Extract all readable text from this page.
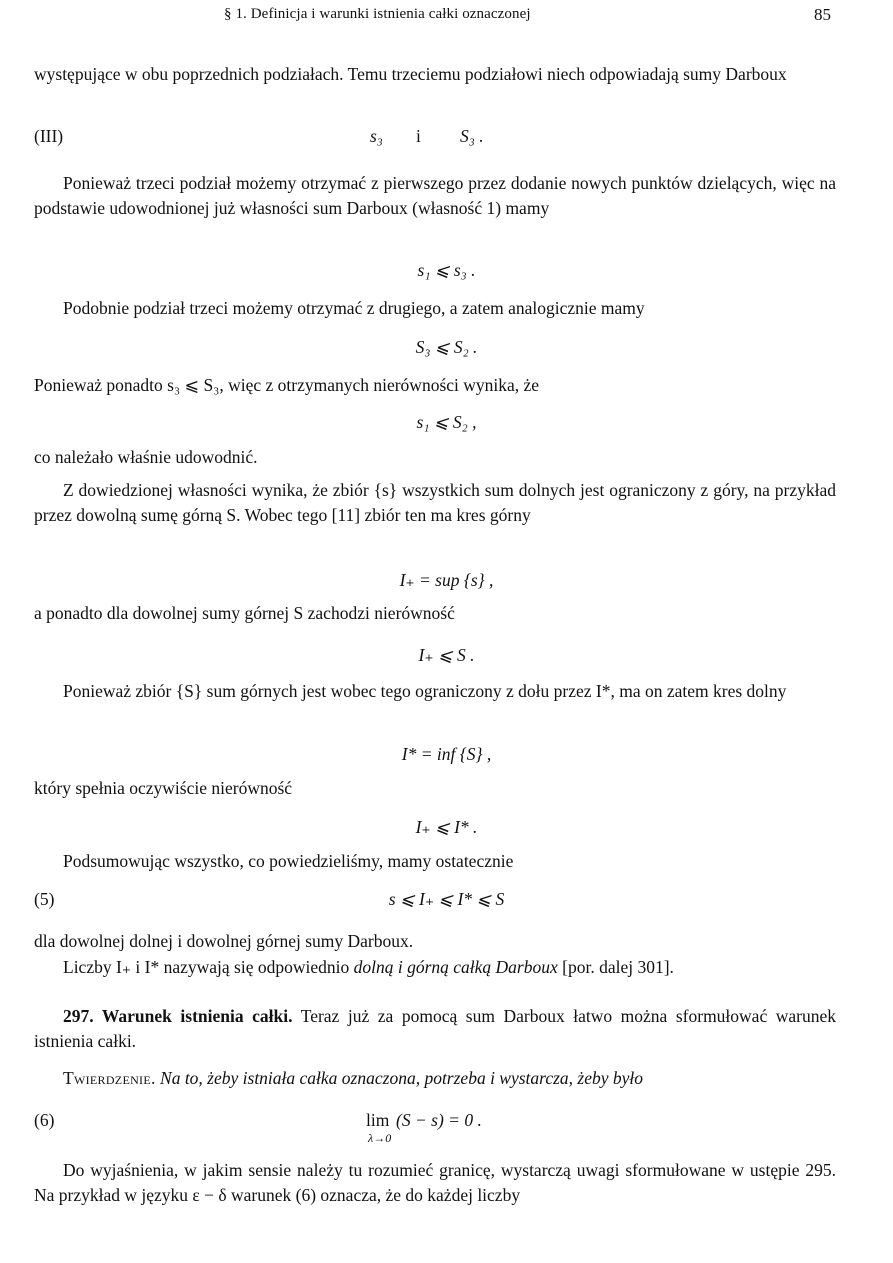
§ 1. Definicja i warunki istnienia całki oznaczonej	85
występujące w obu poprzednich podziałach. Temu trzeciemu podziałowi niech odpowiadają sumy Darboux
(III)	s₃ i S₃ .
Ponieważ trzeci podział możemy otrzymać z pierwszego przez dodanie nowych punktów dzielących, więc na podstawie udowodnionej już własności sum Darboux (własność 1) mamy
s₁ ⩽ s₃ .
Podobnie podział trzeci możemy otrzymać z drugiego, a zatem analogicznie mamy
S₃ ⩽ S₂ .
Ponieważ ponadto s₃ ⩽ S₃, więc z otrzymanych nierówności wynika, że
s₁ ⩽ S₂ ,
co należało właśnie udowodnić.
Z dowiedzionej własności wynika, że zbiór {s} wszystkich sum dolnych jest ograniczony z góry, na przykład przez dowolną sumę górną S. Wobec tego [11] zbiór ten ma kres górny
I₊ = sup {s} ,
a ponadto dla dowolnej sumy górnej S zachodzi nierówność
I₊ ⩽ S .
Ponieważ zbiór {S} sum górnych jest wobec tego ograniczony z dołu przez I*, ma on zatem kres dolny
I* = inf {S} ,
który spełnia oczywiście nierówność
I₊ ⩽ I* .
Podsumowując wszystko, co powiedzieliśmy, mamy ostatecznie
(5)	s ⩽ I₊ ⩽ I* ⩽ S
dla dowolnej dolnej i dowolnej górnej sumy Darboux.
Liczby I₊ i I* nazywają się odpowiednio dolną i górną całką Darboux [por. dalej 301].
297. Warunek istnienia całki. Teraz już za pomocą sum Darboux łatwo można sformułować warunek istnienia całki.
Twierdzenie. Na to, żeby istniała całka oznaczona, potrzeba i wystarcza, żeby było
(6)	lim (S − s) = 0 .
λ→0
Do wyjaśnienia, w jakim sensie należy tu rozumieć granicę, wystarczą uwagi sformułowane w ustępie 295. Na przykład w języku ε − δ warunek (6) oznacza, że do każdej liczby
